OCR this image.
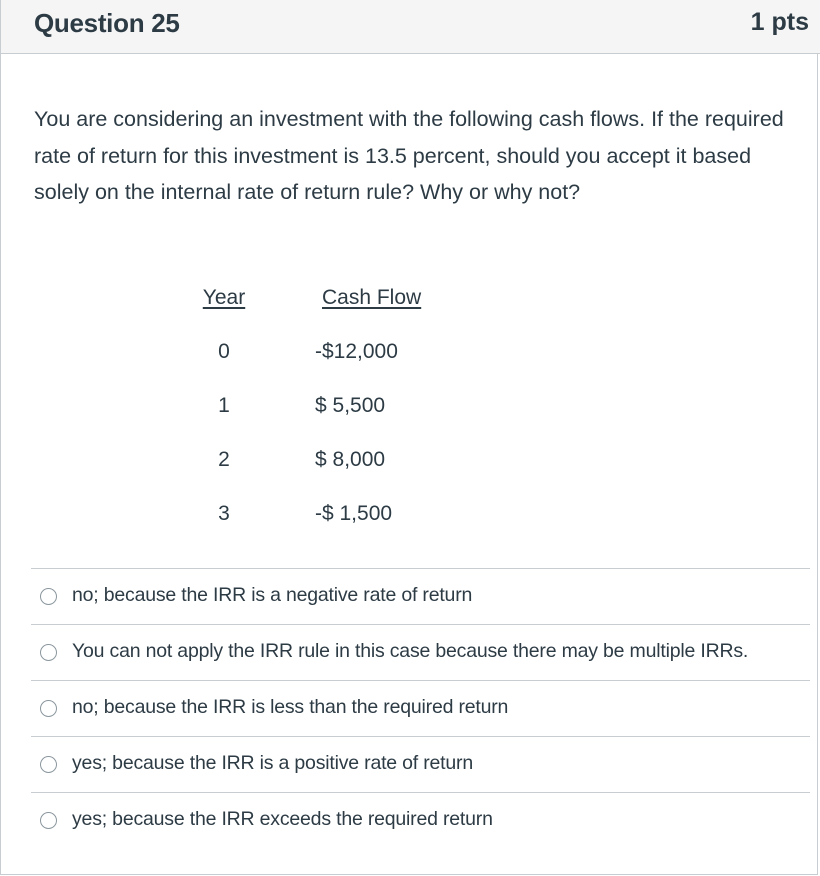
Question 25	1 pts
You are considering an investment with the following cash flows. If the required rate of return for this investment is 13.5 percent, should you accept it based solely on the internal rate of return rule? Why or why not?
Year	Cash Flow
0	-$12,000
1	$ 5,500
2	$ 8,000
3	-$ 1,500
no; because the IRR is a negative rate of return
You can not apply the IRR rule in this case because there may be multiple IRRs.
no; because the IRR is less than the required return
yes; because the IRR is a positive rate of return
yes; because the IRR exceeds the required return
